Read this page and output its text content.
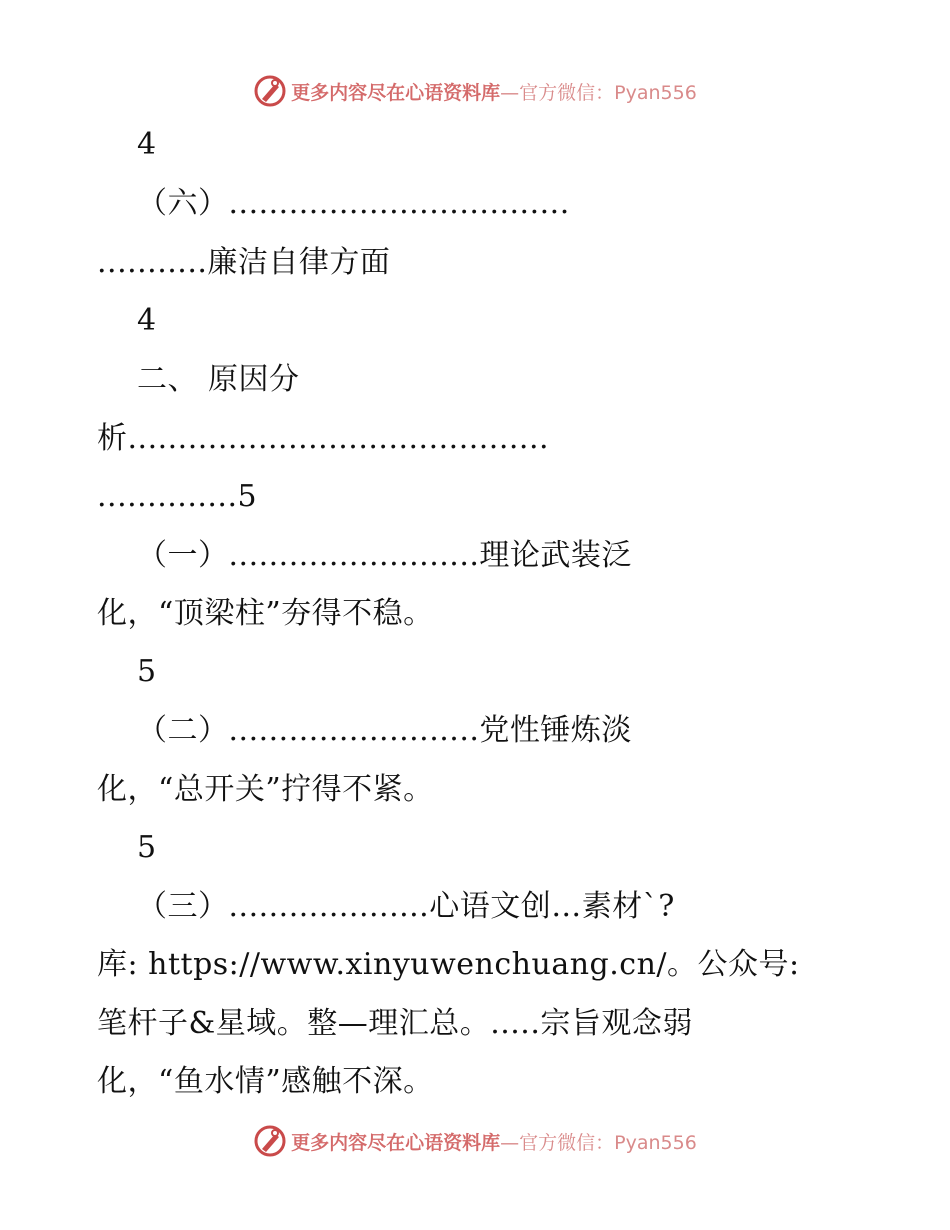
更多内容尽在心语资料库—官方微信：Pyan556
4
（六）..................................
...........廉洁自律方面
4
二、 原因分
析..........................................
..............5
（一）.........................理论武装泛
化，“顶梁柱”夯得不稳。
5
（二）.........................党性锤炼淡
化，“总开关”拧得不紧。
5
（三）....................心语文创…素材`?
库: https://www.xinyuwenchuang.cn/。公众号:
笔杆子&星域。整—理汇总。.....宗旨观念弱
化，“鱼水情”感触不深。
更多内容尽在心语资料库—官方微信：Pyan556
